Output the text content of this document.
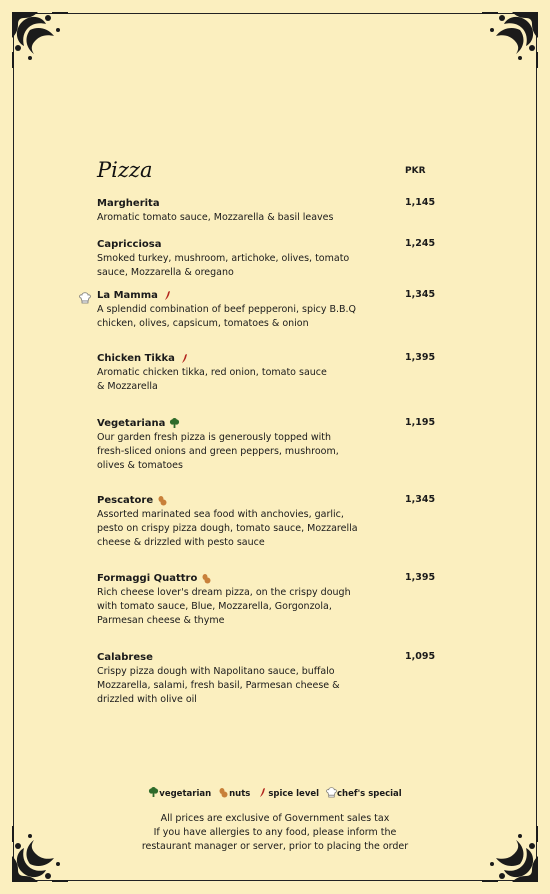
Pizza	PKR
Margherita
Aromatic tomato sauce, Mozzarella & basil leaves
1,145
Capricciosa
Smoked turkey, mushroom, artichoke, olives, tomato
sauce, Mozzarella & oregano
1,245
La Mamma
A splendid combination of beef pepperoni, spicy B.B.Q
chicken, olives, capsicum, tomatoes & onion
1,345
Chicken Tikka
Aromatic chicken tikka, red onion, tomato sauce
& Mozzarella
1,395
Vegetariana
Our garden fresh pizza is generously topped with
fresh-sliced onions and green peppers, mushroom,
olives & tomatoes
1,195
Pescatore
Assorted marinated sea food with anchovies, garlic,
pesto on crispy pizza dough, tomato sauce, Mozzarella
cheese & drizzled with pesto sauce
1,345
Formaggi Quattro
Rich cheese lover's dream pizza, on the crispy dough
with tomato sauce, Blue, Mozzarella, Gorgonzola,
Parmesan cheese & thyme
1,395
Calabrese
Crispy pizza dough with Napolitano sauce, buffalo
Mozzarella, salami, fresh basil, Parmesan cheese &
drizzled with olive oil
1,095
vegetarian nuts spice level chef's special
All prices are exclusive of Government sales tax
If you have allergies to any food, please inform the
restaurant manager or server, prior to placing the order
